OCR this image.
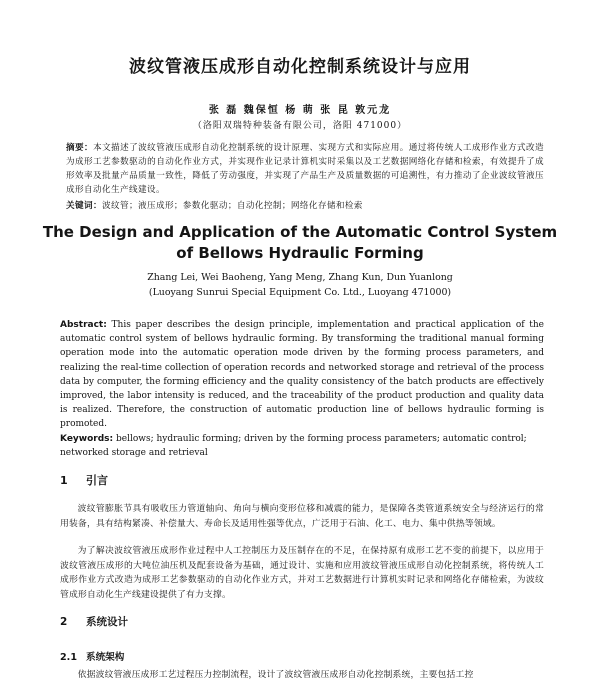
波纹管液压成形自动化控制系统设计与应用
张 磊 魏保恒 杨 萌 张 昆 敦元龙
（洛阳双瑞特种装备有限公司，洛阳 471000）
摘要：本文描述了波纹管液压成形自动化控制系统的设计原理、实现方式和实际应用。通过将传统人工成形作业方式改造为成形工艺参数驱动的自动化作业方式，并实现作业记录计算机实时采集以及工艺数据网络化存储和检索，有效提升了成形效率及批量产品质量一致性，降低了劳动强度，并实现了产品生产及质量数据的可追溯性，有力推动了企业波纹管液压成形自动化生产线建设。
关键词：波纹管；液压成形；参数化驱动；自动化控制；网络化存储和检索
The Design and Application of the Automatic Control System of Bellows Hydraulic Forming
Zhang Lei, Wei Baoheng, Yang Meng, Zhang Kun, Dun Yuanlong
(Luoyang Sunrui Special Equipment Co. Ltd., Luoyang 471000)
Abstract: This paper describes the design principle, implementation and practical application of the automatic control system of bellows hydraulic forming. By transforming the traditional manual forming operation mode into the automatic operation mode driven by the forming process parameters, and realizing the real-time collection of operation records and networked storage and retrieval of the process data by computer, the forming efficiency and the quality consistency of the batch products are effectively improved, the labor intensity is reduced, and the traceability of the product production and quality data is realized. Therefore, the construction of automatic production line of bellows hydraulic forming is promoted.
Keywords: bellows; hydraulic forming; driven by the forming process parameters; automatic control; networked storage and retrieval
1 引言
波纹管膨胀节具有吸收压力管道轴向、角向与横向变形位移和减震的能力，是保障各类管道系统安全与经济运行的常用装备，具有结构紧凑、补偿量大、寿命长及适用性强等优点，广泛用于石油、化工、电力、集中供热等领域。
为了解决波纹管液压成形作业过程中人工控制压力及压制存在的不足，在保持原有成形工艺不变的前提下，以应用于波纹管液压成形的大吨位油压机及配套设备为基础，通过设计、实施和应用波纹管液压成形自动化控制系统，将传统人工成形作业方式改造为成形工艺参数驱动的自动化作业方式，并对工艺数据进行计算机实时记录和网络化存储检索，为波纹管成形自动化生产线建设提供了有力支撑。
2 系统设计
2.1 系统架构
依据波纹管液压成形工艺过程压力控制流程，设计了波纹管液压成形自动化控制系统，主要包括工控
